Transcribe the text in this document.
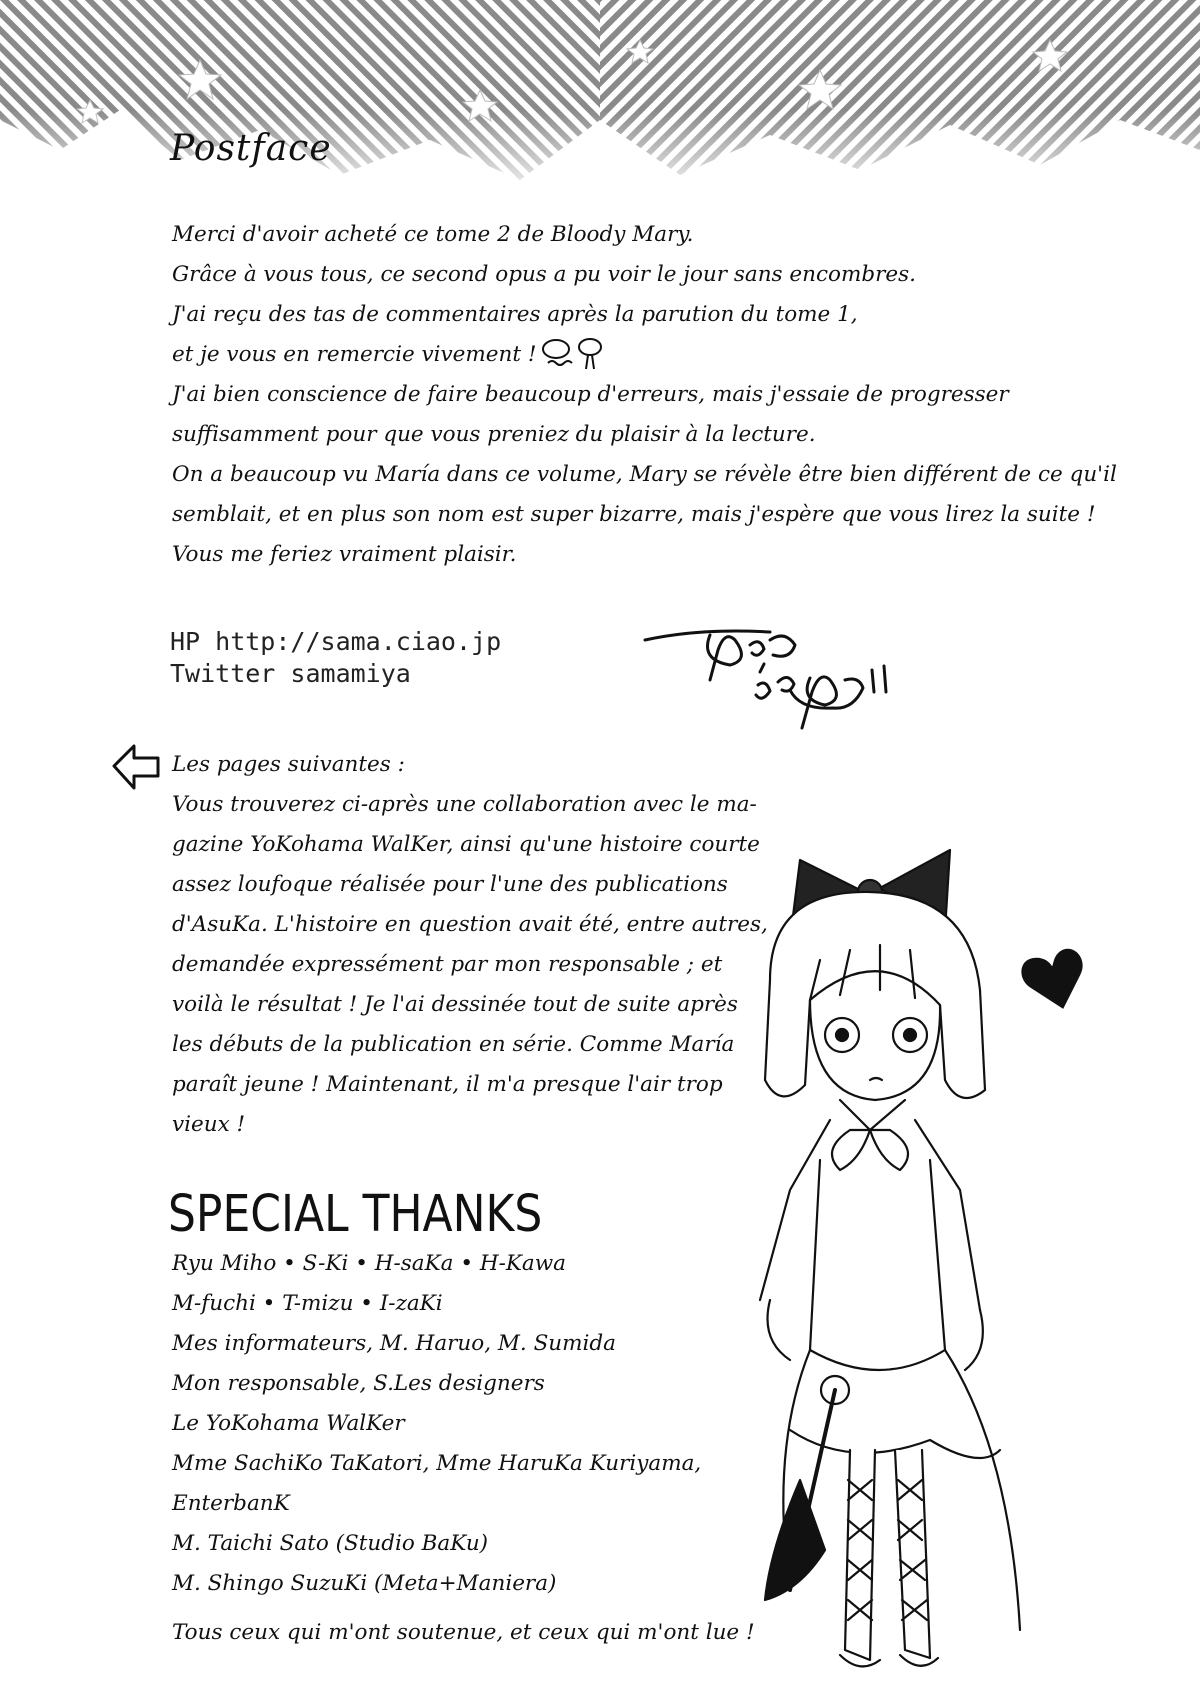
Postface
Merci d'avoir acheté ce tome 2 de Bloody Mary.
Grâce à vous tous, ce second opus a pu voir le jour sans encombres.
J'ai reçu des tas de commentaires après la parution du tome 1,
et je vous en remercie vivement !
J'ai bien conscience de faire beaucoup d'erreurs, mais j'essaie de progresser
suffisamment pour que vous preniez du plaisir à la lecture.
On a beaucoup vu María dans ce volume, Mary se révèle être bien différent de ce qu'il
semblait, et en plus son nom est super bizarre, mais j'espère que vous lirez la suite !
Vous me feriez vraiment plaisir.
HP http://sama.ciao.jp
Twitter samamiya
Les pages suivantes :
Vous trouverez ci-après une collaboration avec le ma-
gazine YoKohama WalKer, ainsi qu'une histoire courte
assez loufoque réalisée pour l'une des publications
d'AsuKa. L'histoire en question avait été, entre autres,
demandée expressément par mon responsable ; et
voilà le résultat ! Je l'ai dessinée tout de suite après
les débuts de la publication en série. Comme María
paraît jeune ! Maintenant, il m'a presque l'air trop
vieux !
SPECIAL THANKS
Ryu Miho • S-Ki • H-saKa • H-Kawa
M-fuchi • T-mizu • I-zaKi
Mes informateurs, M. Haruo, M. Sumida
Mon responsable, S.Les designers
Le YoKohama WalKer
Mme SachiKo TaKatori, Mme HaruKa Kuriyama,
EnterbanK
M. Taichi Sato (Studio BaKu)
M. Shingo SuzuKi (Meta+Maniera)
Tous ceux qui m'ont soutenue, et ceux qui m'ont lue !
